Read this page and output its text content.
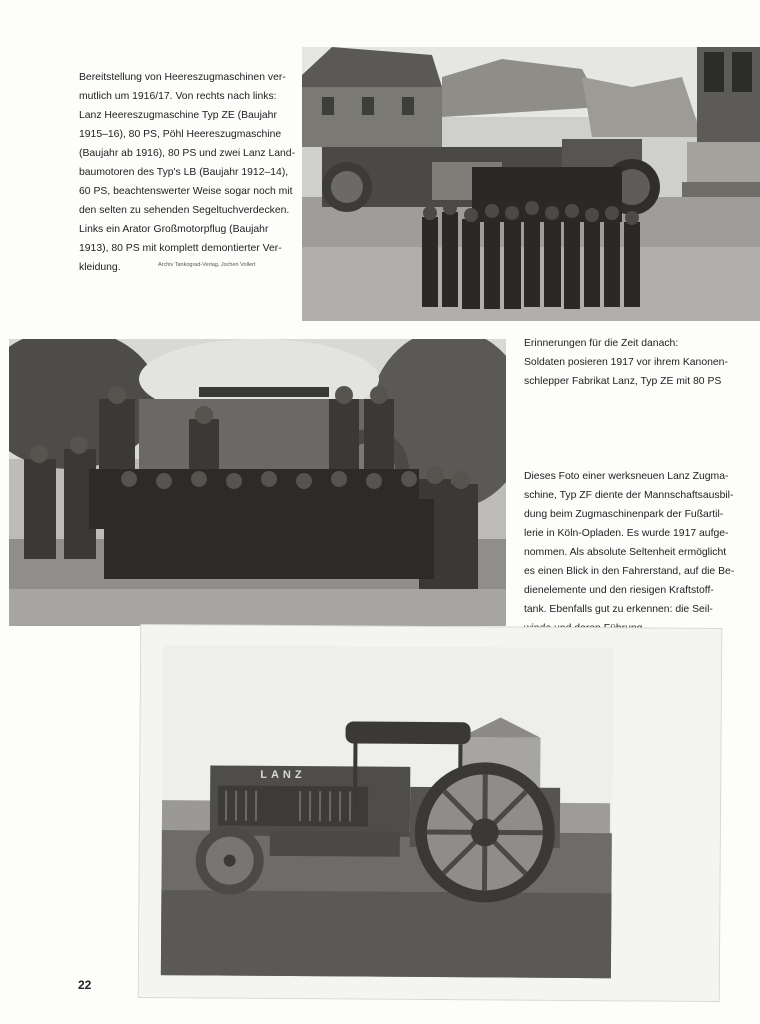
Bereitstellung von Heereszugmaschinen ver-
mutlich um 1916/17. Von rechts nach links:
Lanz Heereszugmaschine Typ ZE (Baujahr
1915–16), 80 PS, Pöhl Heereszugmaschine
(Baujahr ab 1916), 80 PS und zwei Lanz Land-
baumotoren des Typ's LB (Baujahr 1912–14),
60 PS, beachtenswerter Weise sogar noch mit
den selten zu sehenden Segeltuchverdecken.
Links ein Arator Großmotorpflug (Baujahr
1913), 80 PS mit komplett demontierter Ver-
kleidung.	Archiv Tankograd-Verlag, Jochen Vollert
Erinnerungen für die Zeit danach:
Soldaten posieren 1917 vor ihrem Kanonen-
schlepper Fabrikat Lanz, Typ ZE mit 80 PS
Dieses Foto einer werksneuen Lanz Zugma-
schine, Typ ZF diente der Mannschaftsausbil-
dung beim Zugmaschinenpark der Fußartil-
lerie in Köln-Opladen. Es wurde 1917 aufge-
nommen. Als absolute Seltenheit ermöglicht
es einen Blick in den Fahrerstand, auf die Be-
dienelemente und den riesigen Kraftstoff-
tank. Ebenfalls gut zu erkennen: die Seil-

LANZ
22
